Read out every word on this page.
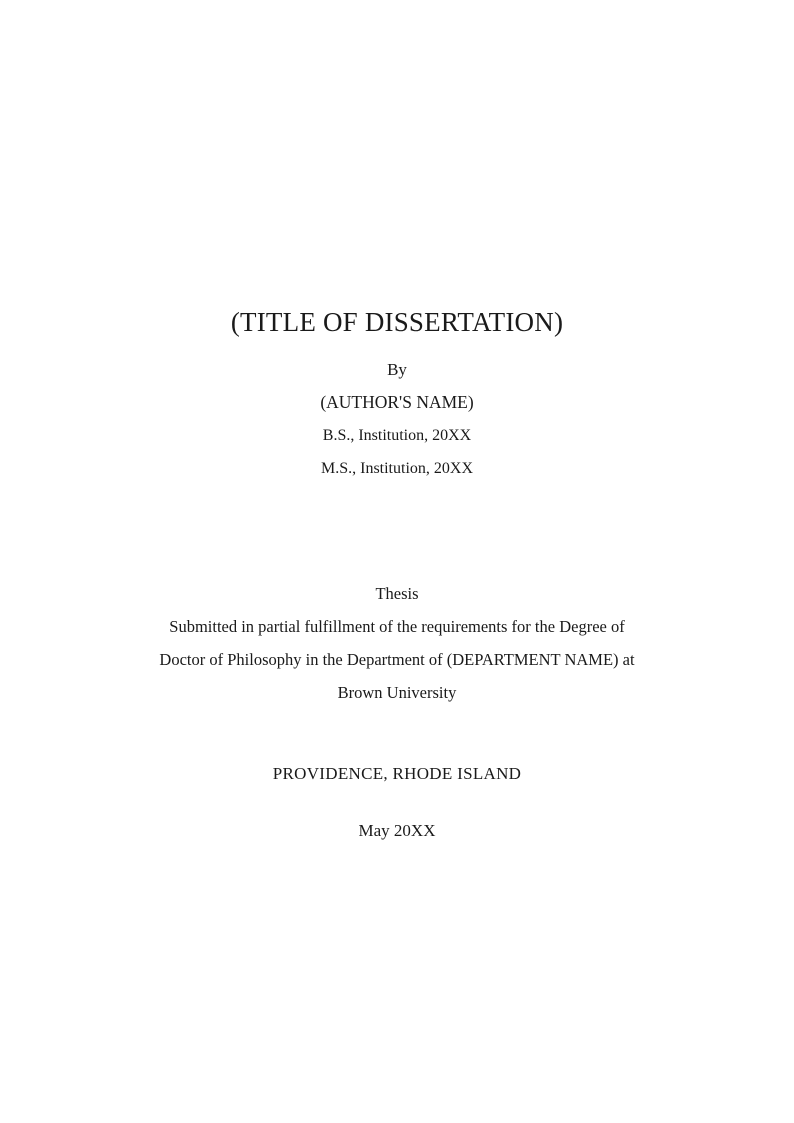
(TITLE OF DISSERTATION)
By
(AUTHOR'S NAME)
B.S., Institution, 20XX
M.S., Institution, 20XX
Thesis
Submitted in partial fulfillment of the requirements for the Degree of
Doctor of Philosophy in the Department of (DEPARTMENT NAME) at
Brown University
PROVIDENCE, RHODE ISLAND
May 20XX
